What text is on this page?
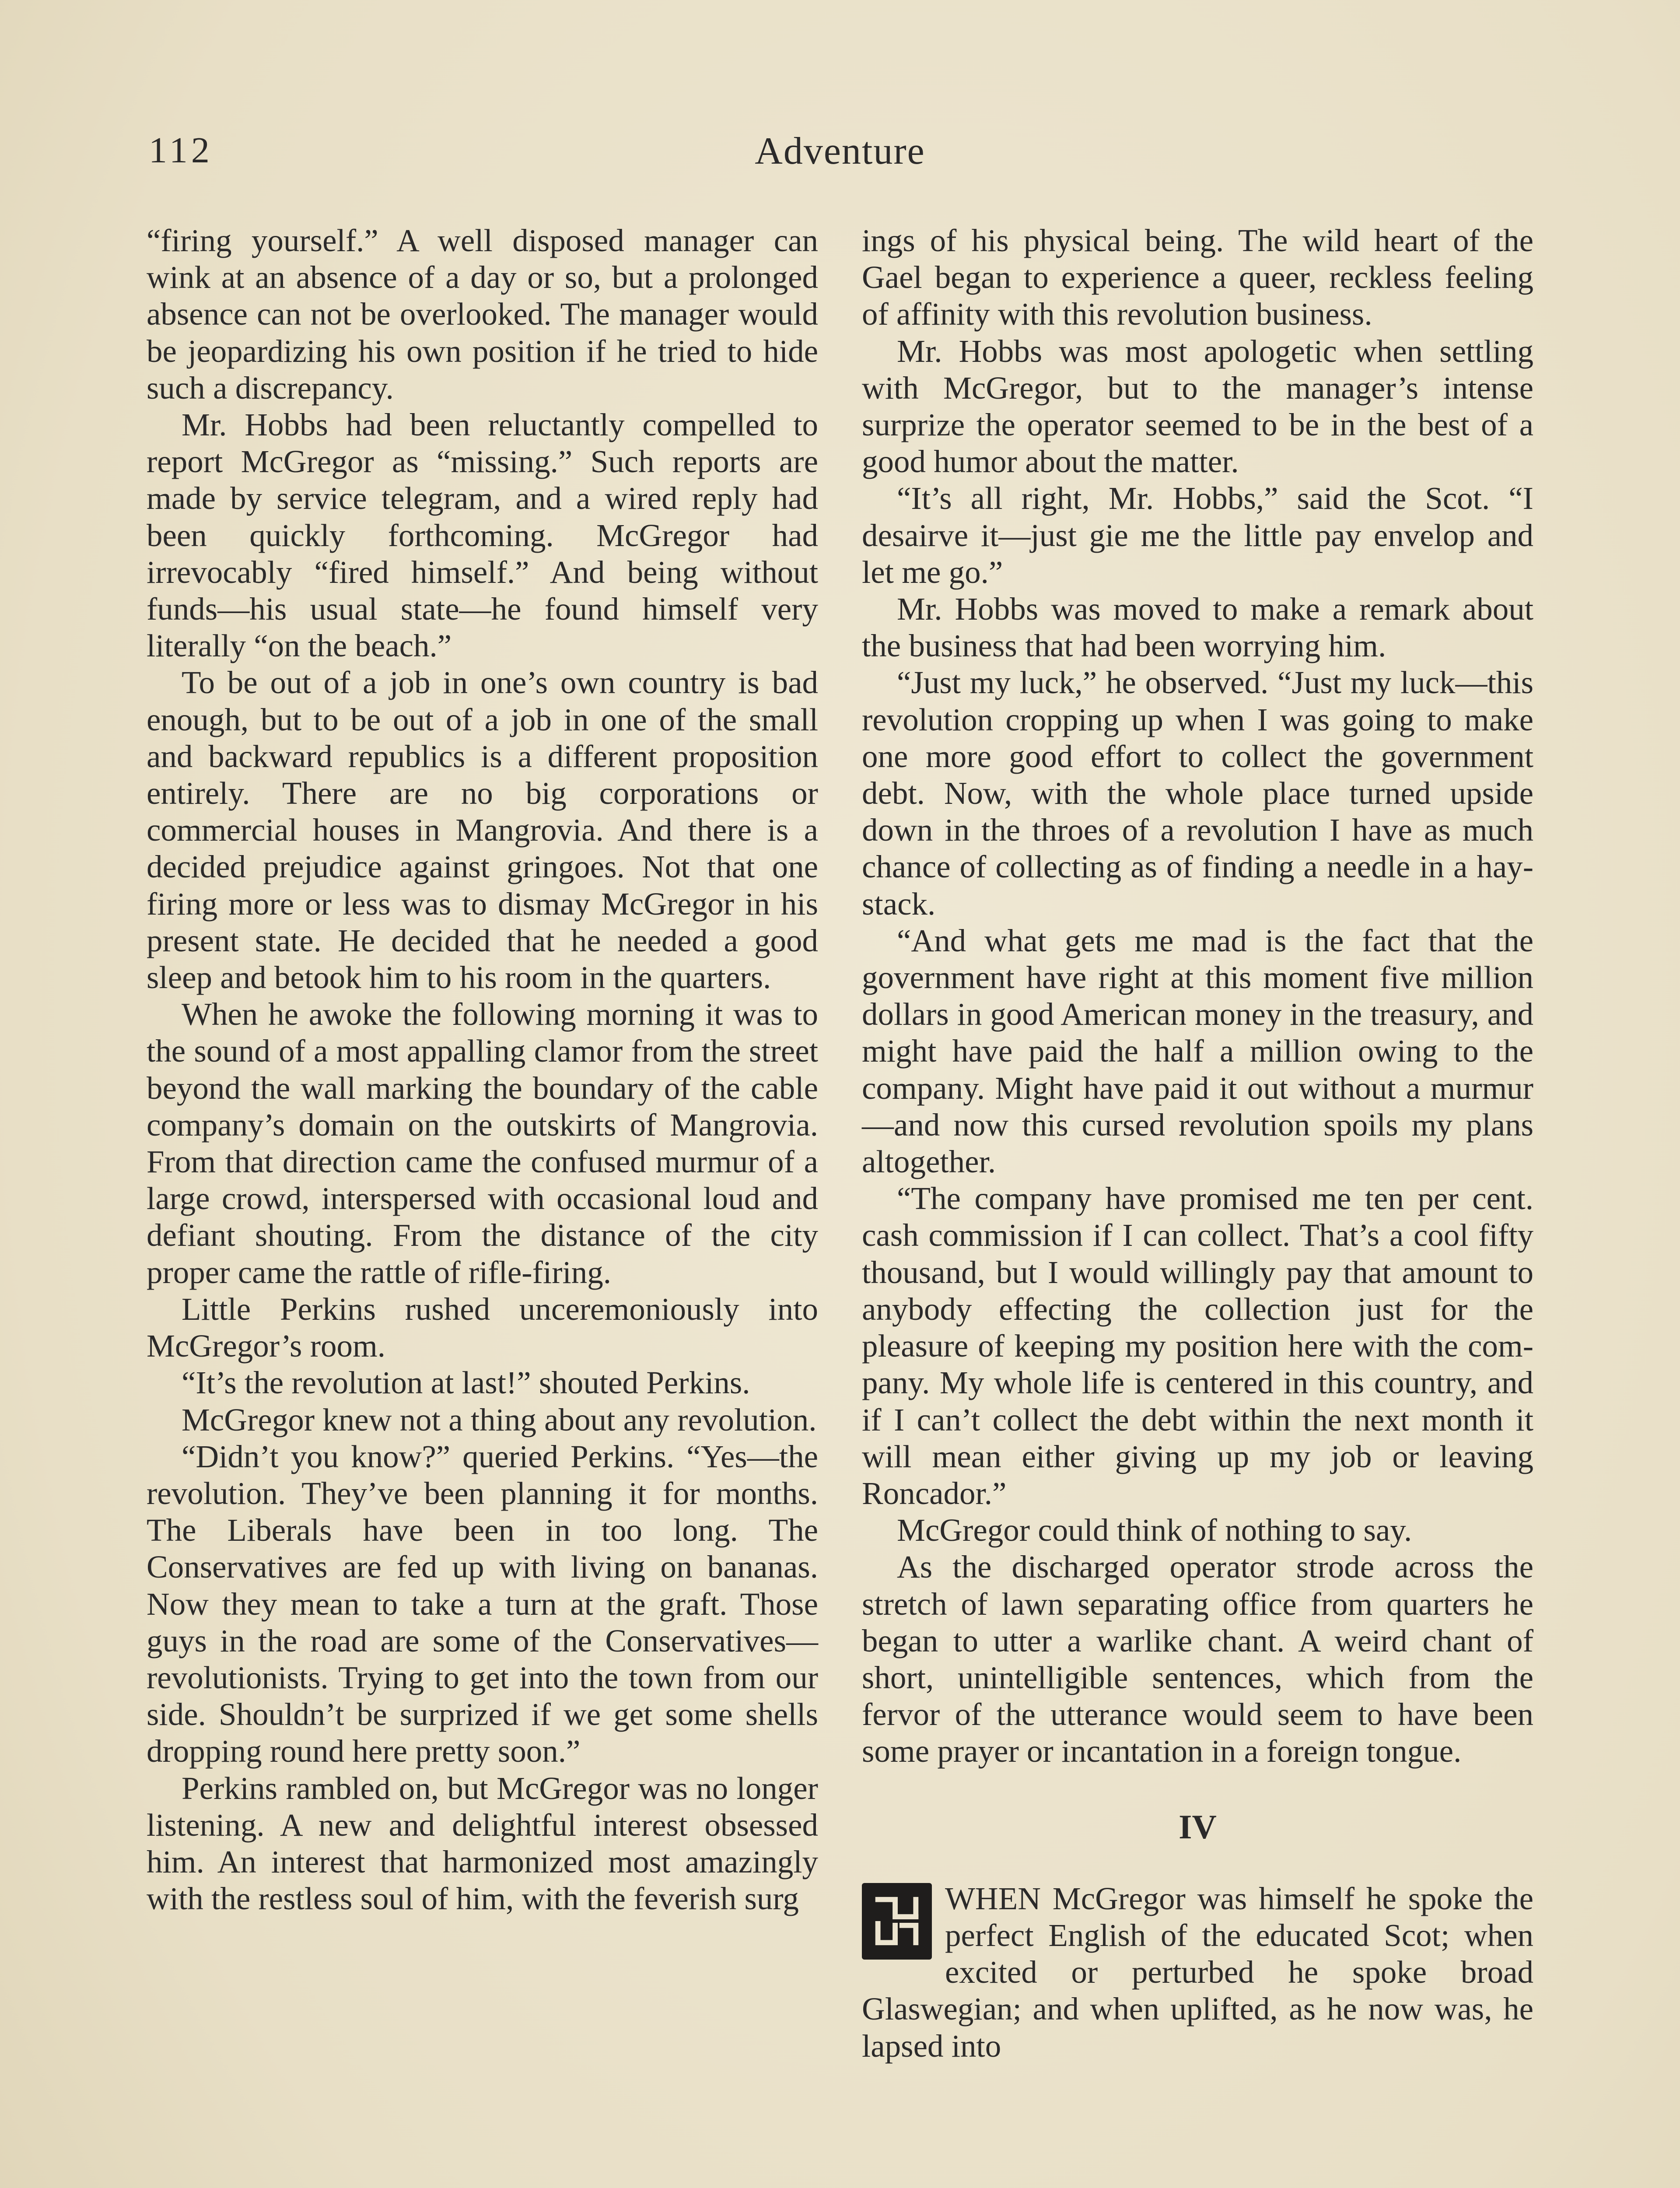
112	Adventure

“firing yourself.” A well disposed manager can wink at an absence of a day or so, but a prolonged absence can not be overlooked. The manager would be jeopardizing his own position if he tried to hide such a discrepancy.

Mr. Hobbs had been reluctantly compelled to report McGregor as “missing.” Such reports are made by service telegram, and a wired reply had been quickly forthcoming. McGregor had irrevocably “fired himself.” And being without funds—his usual state—he found himself very literally “on the beach.”

To be out of a job in one’s own country is bad enough, but to be out of a job in one of the small and backward republics is a different proposition entirely. There are no big corporations or commercial houses in Mangrovia. And there is a decided prejudice against gringoes. Not that one firing more or less was to dismay McGregor in his present state. He decided that he needed a good sleep and betook him to his room in the quarters.

When he awoke the following morning it was to the sound of a most appalling clamor from the street beyond the wall marking the boundary of the cable company’s domain on the outskirts of Mangrovia. From that direction came the confused murmur of a large crowd, interspersed with occasional loud and defiant shouting. From the distance of the city proper came the rattle of rifle-firing.

Little Perkins rushed unceremoniously into McGregor’s room.

“It’s the revolution at last!” shouted Perkins.

McGregor knew not a thing about any revolution.

“Didn’t you know?” queried Perkins. “Yes—the revolution. They’ve been planning it for months. The Liberals have been in too long. The Conservatives are fed up with living on bananas. Now they mean to take a turn at the graft. Those guys in the road are some of the Conservatives—revolutionists. Trying to get into the town from our side. Shouldn’t be surprized if we get some shells dropping round here pretty soon.”

Perkins rambled on, but McGregor was no longer listening. A new and delightful interest obsessed him. An interest that harmonized most amazingly with the restless soul of him, with the feverish surg

ings of his physical being. The wild heart of the Gael began to experience a queer, reckless feeling of affinity with this revolution business.

Mr. Hobbs was most apologetic when settling with McGregor, but to the manager’s intense surprize the operator seemed to be in the best of a good humor about the matter.

“It’s all right, Mr. Hobbs,” said the Scot. “I desairve it—just gie me the little pay envelop and let me go.”

Mr. Hobbs was moved to make a remark about the business that had been worrying him.

“Just my luck,” he observed. “Just my luck—this revolution cropping up when I was going to make one more good effort to collect the government debt. Now, with the whole place turned upside down in the throes of a revolution I have as much chance of collecting as of finding a needle in a haystack.

“And what gets me mad is the fact that the government have right at this moment five million dollars in good American money in the treasury, and might have paid the half a million owing to the company. Might have paid it out without a murmur—and now this cursed revolution spoils my plans altogether.

“The company have promised me ten per cent. cash commission if I can collect. That’s a cool fifty thousand, but I would willingly pay that amount to anybody effecting the collection just for the pleasure of keeping my position here with the company. My whole life is centered in this country, and if I can’t collect the debt within the next month it will mean either giving up my job or leaving Roncador.”

McGregor could think of nothing to say.

As the discharged operator strode across the stretch of lawn separating office from quarters he began to utter a warlike chant. A weird chant of short, unintelligible sentences, which from the fervor of the utterance would seem to have been some prayer or incantation in a foreign tongue.

IV

WHEN McGregor was himself he spoke the perfect English of the educated Scot; when excited or perturbed he spoke broad Glaswegian; and when uplifted, as he now was, he lapsed into
